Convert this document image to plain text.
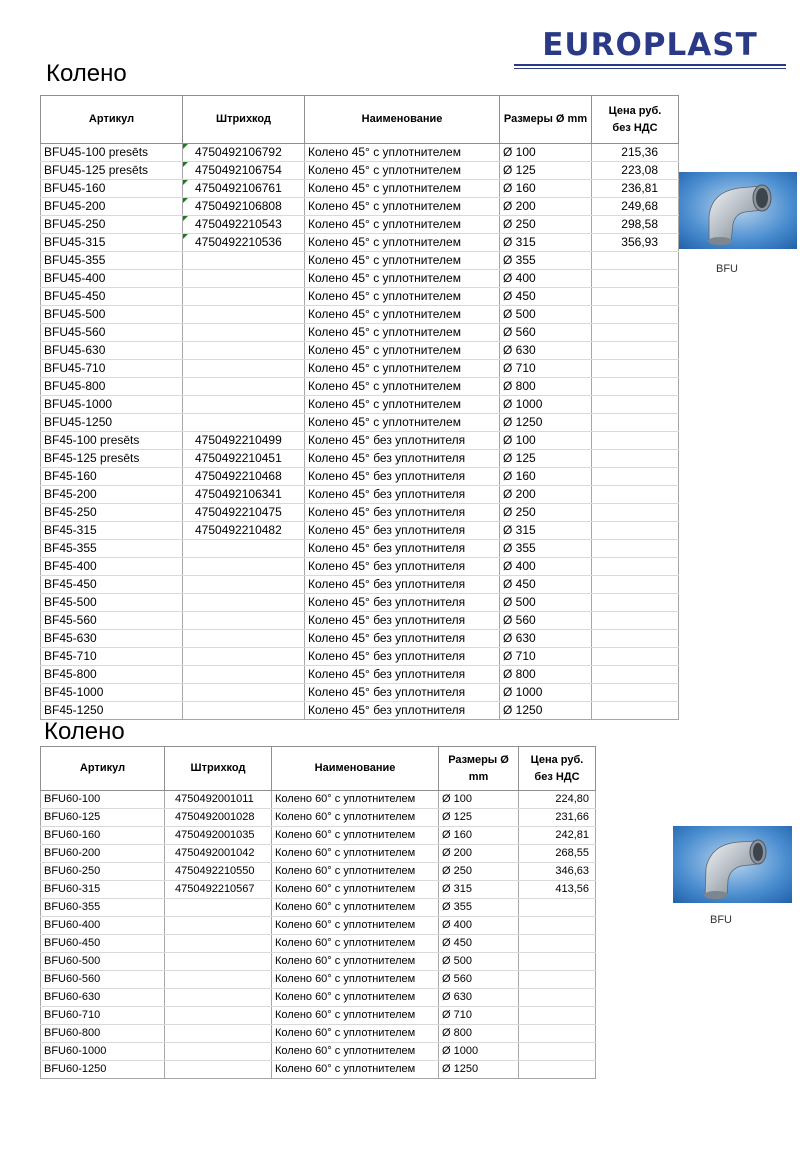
EUROPLAST
Колено
Артикул	Штрихкод	Наименование	Размеры Ø mm	Цена руб.
без НДС
BFU45-100 presēts	4750492106792	Колено 45° с уплотнителем	Ø 100	215,36
BFU45-125 presēts	4750492106754	Колено 45° с уплотнителем	Ø 125	223,08
BFU45-160	4750492106761	Колено 45° с уплотнителем	Ø 160	236,81
BFU45-200	4750492106808	Колено 45° с уплотнителем	Ø 200	249,68
BFU45-250	4750492210543	Колено 45° с уплотнителем	Ø 250	298,58
BFU45-315	4750492210536	Колено 45° с уплотнителем	Ø 315	356,93
BFU45-355		Колено 45° с уплотнителем	Ø 355	
BFU45-400		Колено 45° с уплотнителем	Ø 400	
BFU45-450		Колено 45° с уплотнителем	Ø 450	
BFU45-500		Колено 45° с уплотнителем	Ø 500	
BFU45-560		Колено 45° с уплотнителем	Ø 560	
BFU45-630		Колено 45° с уплотнителем	Ø 630	
BFU45-710		Колено 45° с уплотнителем	Ø 710	
BFU45-800		Колено 45° с уплотнителем	Ø 800	
BFU45-1000		Колено 45° с уплотнителем	Ø 1000	
BFU45-1250		Колено 45° с уплотнителем	Ø 1250	
BF45-100 presēts	4750492210499	Колено 45° без уплотнителя	Ø 100	
BF45-125 presēts	4750492210451	Колено 45° без уплотнителя	Ø 125	
BF45-160	4750492210468	Колено 45° без уплотнителя	Ø 160	
BF45-200	4750492106341	Колено 45° без уплотнителя	Ø 200	
BF45-250	4750492210475	Колено 45° без уплотнителя	Ø 250	
BF45-315	4750492210482	Колено 45° без уплотнителя	Ø 315	
BF45-355		Колено 45° без уплотнителя	Ø 355	
BF45-400		Колено 45° без уплотнителя	Ø 400	
BF45-450		Колено 45° без уплотнителя	Ø 450	
BF45-500		Колено 45° без уплотнителя	Ø 500	
BF45-560		Колено 45° без уплотнителя	Ø 560	
BF45-630		Колено 45° без уплотнителя	Ø 630	
BF45-710		Колено 45° без уплотнителя	Ø 710	
BF45-800		Колено 45° без уплотнителя	Ø 800	
BF45-1000		Колено 45° без уплотнителя	Ø 1000	
BF45-1250		Колено 45° без уплотнителя	Ø 1250	
BFU
Колено
Артикул	Штрихкод	Наименование	Размеры Ø mm	Цена руб.
без НДС
BFU60-100	4750492001011	Колено 60° с уплотнителем	Ø 100	224,80
BFU60-125	4750492001028	Колено 60° с уплотнителем	Ø 125	231,66
BFU60-160	4750492001035	Колено 60° с уплотнителем	Ø 160	242,81
BFU60-200	4750492001042	Колено 60° с уплотнителем	Ø 200	268,55
BFU60-250	4750492210550	Колено 60° с уплотнителем	Ø 250	346,63
BFU60-315	4750492210567	Колено 60° с уплотнителем	Ø 315	413,56
BFU60-355		Колено 60° с уплотнителем	Ø 355	
BFU60-400		Колено 60° с уплотнителем	Ø 400	
BFU60-450		Колено 60° с уплотнителем	Ø 450	
BFU60-500		Колено 60° с уплотнителем	Ø 500	
BFU60-560		Колено 60° с уплотнителем	Ø 560	
BFU60-630		Колено 60° с уплотнителем	Ø 630	
BFU60-710		Колено 60° с уплотнителем	Ø 710	
BFU60-800		Колено 60° с уплотнителем	Ø 800	
BFU60-1000		Колено 60° с уплотнителем	Ø 1000	
BFU60-1250		Колено 60° с уплотнителем	Ø 1250	
BFU
